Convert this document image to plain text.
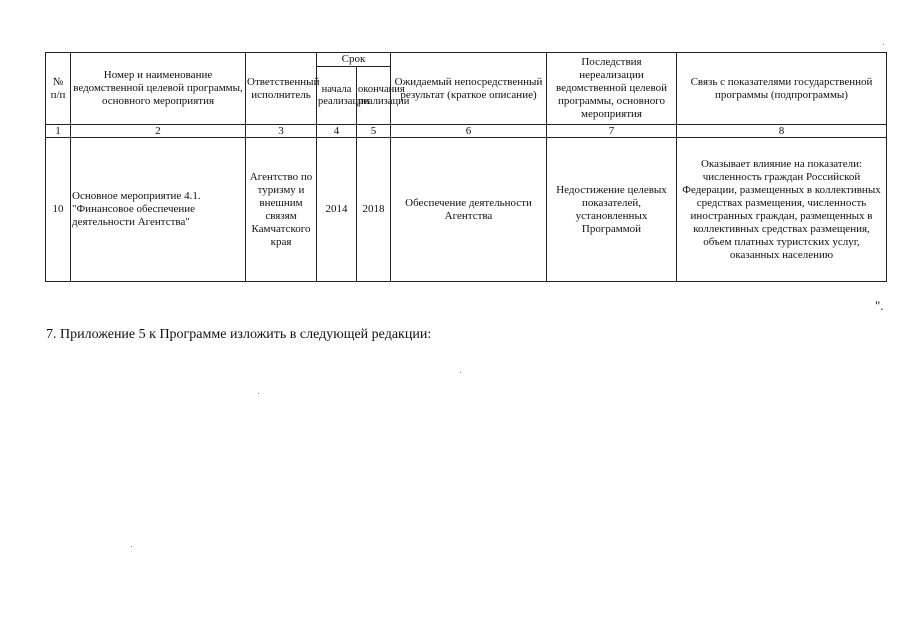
№ п/п	Номер и наименование ведомственной целевой программы, основного мероприятия	Ответственный исполнитель	Срок		Ожидаемый непосредственный результат (краткое описание)	Последствия нереализации ведомственной целевой программы, основного мероприятия	Связь с показателями государственной программы (подпрограммы)
			начала реализации	окончания реализации			
1	2	3	4	5	6	7	8
10	Основное мероприятие 4.1. "Финансовое обеспечение деятельности Агентства"	Агентство по туризму и внешним связям Камчатского края	2014	2018	Обеспечение деятельности Агентства	Недостижение целевых показателей, установленных Программой	Оказывает влияние на показатели: численность граждан Российской Федерации, размещенных в коллективных средствах размещения, численность иностранных граждан, размещенных в коллективных средствах размещения, объем платных туристских услуг, оказанных населению
".
7. Приложение 5 к Программе изложить в следующей редакции:
